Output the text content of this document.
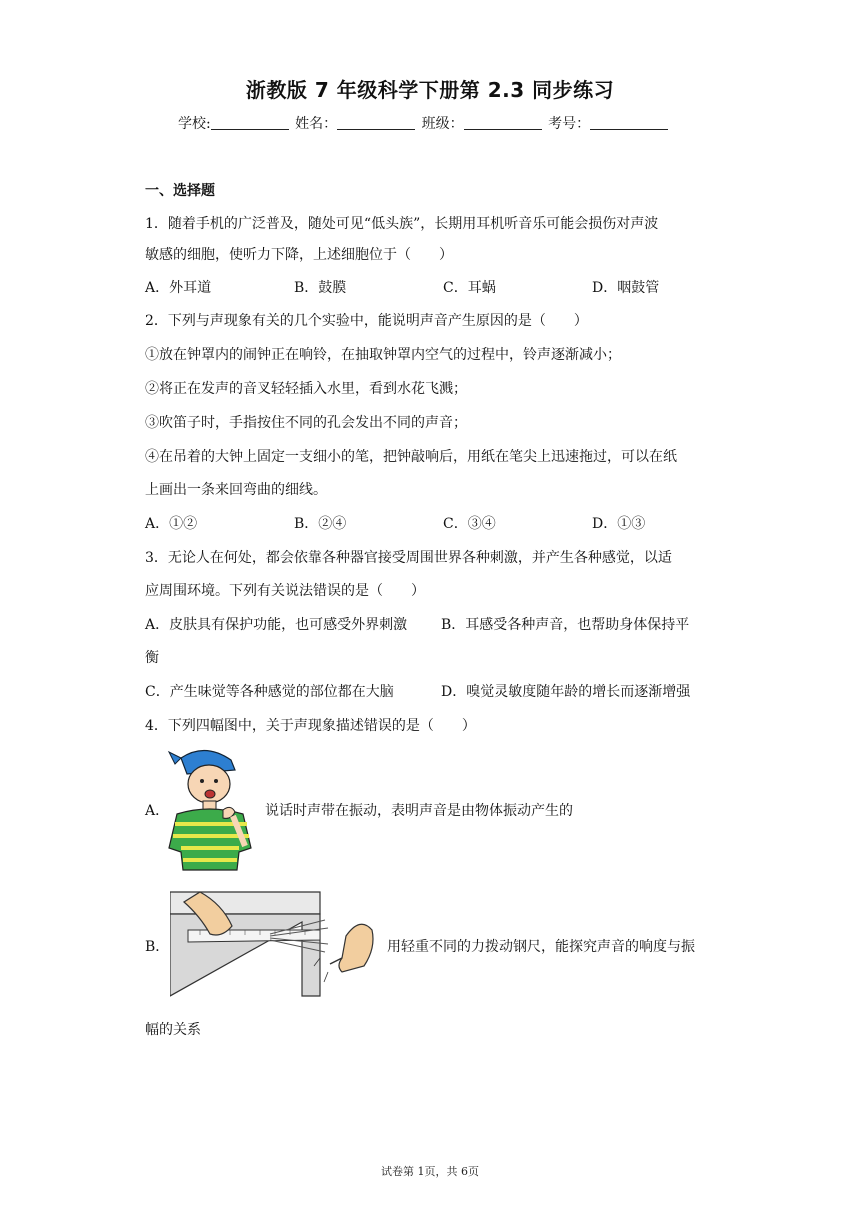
浙教版 7 年级科学下册第 2.3 同步练习
学校:	姓名：	班级：	考号：
一、选择题
1．随着手机的广泛普及，随处可见“低头族”，长期用耳机听音乐可能会损伤对声波
敏感的细胞，使听力下降，上述细胞位于（　　）
A．外耳道	B．鼓膜	C．耳蜗	D．咽鼓管
2．下列与声现象有关的几个实验中，能说明声音产生原因的是（　　）
①放在钟罩内的闹钟正在响铃，在抽取钟罩内空气的过程中，铃声逐渐减小；
②将正在发声的音叉轻轻插入水里，看到水花飞溅；
③吹笛子时，手指按住不同的孔会发出不同的声音；
④在吊着的大钟上固定一支细小的笔，把钟敲响后，用纸在笔尖上迅速拖过，可以在纸
上画出一条来回弯曲的细线。
A．①②	B．②④	C．③④	D．①③
3．无论人在何处，都会依靠各种器官接受周围世界各种刺激，并产生各种感觉，以适
应周围环境。下列有关说法错误的是（　　）
A．皮肤具有保护功能，也可感受外界刺激 B．耳感受各种声音，也帮助身体保持平
衡
C．产生味觉等各种感觉的部位都在大脑	D．嗅觉灵敏度随年龄的增长而逐渐增强
4．下列四幅图中，关于声现象描述错误的是（　　）
A．	说话时声带在振动，表明声音是由物体振动产生的
B．	用轻重不同的力拨动钢尺，能探究声音的响度与振
幅的关系
试卷第 1页，共 6页
